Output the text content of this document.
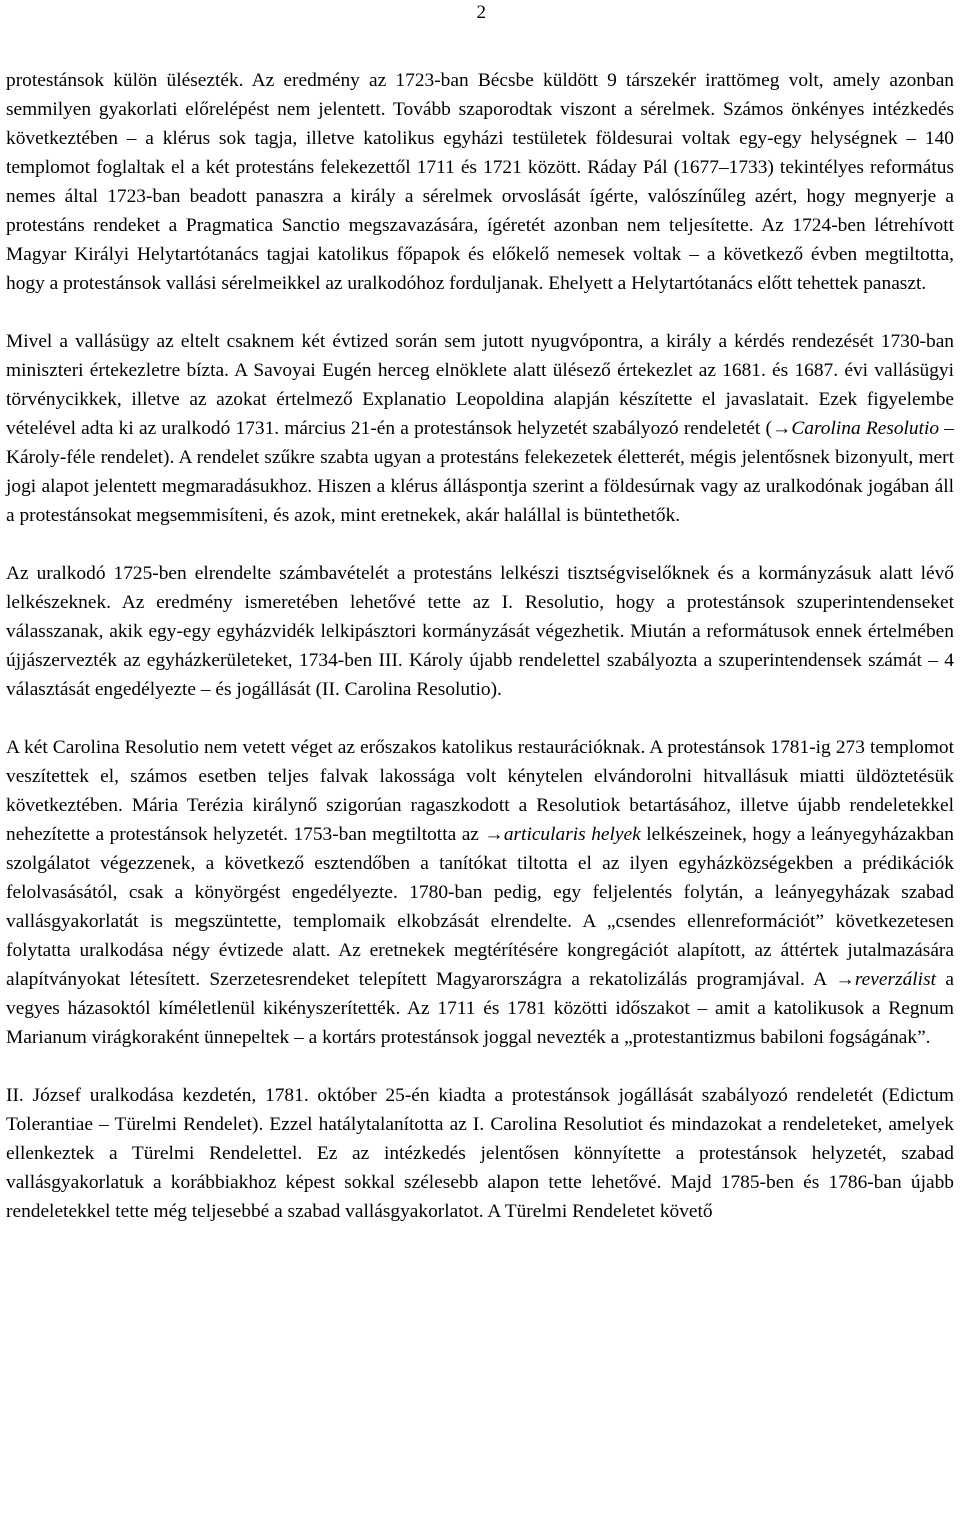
2

protestánsok külön ülésezték. Az eredmény az 1723-ban Bécsbe küldött 9 társzekér irattömeg volt, amely azonban semmilyen gyakorlati előrelépést nem jelentett. Tovább szaporodtak viszont a sérelmek. Számos önkényes intézkedés következtében – a klérus sok tagja, illetve katolikus egyházi testületek földesurai voltak egy-egy helységnek – 140 templomot foglaltak el a két protestáns felekezettől 1711 és 1721 között. Ráday Pál (1677–1733) tekintélyes református nemes által 1723-ban beadott panaszra a király a sérelmek orvoslását ígérte, valószínűleg azért, hogy megnyerje a protestáns rendeket a Pragmatica Sanctio megszavazására, ígéretét azonban nem teljesítette. Az 1724-ben létrehívott Magyar Királyi Helytartótanács tagjai katolikus főpapok és előkelő nemesek voltak – a következő évben megtiltotta, hogy a protestánsok vallási sérelmeikkel az uralkodóhoz forduljanak. Ehelyett a Helytartótanács előtt tehettek panaszt.

Mivel a vallásügy az eltelt csaknem két évtized során sem jutott nyugvópontra, a király a kérdés rendezését 1730-ban miniszteri értekezletre bízta. A Savoyai Eugén herceg elnöklete alatt ülésező értekezlet az 1681. és 1687. évi vallásügyi törvénycikkek, illetve az azokat értelmező Explanatio Leopoldina alapján készítette el javaslatait. Ezek figyelembe vételével adta ki az uralkodó 1731. március 21-én a protestánsok helyzetét szabályozó rendeletét (→Carolina Resolutio – Károly-féle rendelet). A rendelet szűkre szabta ugyan a protestáns felekezetek életterét, mégis jelentősnek bizonyult, mert jogi alapot jelentett megmaradásukhoz. Hiszen a klérus álláspontja szerint a földesúrnak vagy az uralkodónak jogában áll a protestánsokat megsemmisíteni, és azok, mint eretnekek, akár halállal is büntethetők.

Az uralkodó 1725-ben elrendelte számbavételét a protestáns lelkészi tisztségviselőknek és a kormányzásuk alatt lévő lelkészeknek. Az eredmény ismeretében lehetővé tette az I. Resolutio, hogy a protestánsok szuperintendenseket válasszanak, akik egy-egy egyházvidék lelkipásztori kormányzását végezhetik. Miután a reformátusok ennek értelmében újjászervezték az egyházkerületeket, 1734-ben III. Károly újabb rendelettel szabályozta a szuperintendensek számát – 4 választását engedélyezte – és jogállását (II. Carolina Resolutio).

A két Carolina Resolutio nem vetett véget az erőszakos katolikus restaurációknak. A protestánsok 1781-ig 273 templomot veszítettek el, számos esetben teljes falvak lakossága volt kénytelen elvándorolni hitvallásuk miatti üldöztetésük következtében. Mária Terézia királynő szigorúan ragaszkodott a Resolutiok betartásához, illetve újabb rendeletekkel nehezítette a protestánsok helyzetét. 1753-ban megtiltotta az →articularis helyek lelkészeinek, hogy a leányegyházakban szolgálatot végezzenek, a következő esztendőben a tanítókat tiltotta el az ilyen egyházközségekben a prédikációk felolvasásától, csak a könyörgést engedélyezte. 1780-ban pedig, egy feljelentés folytán, a leányegyházak szabad vallásgyakorlatát is megszüntette, templomaik elkobzását elrendelte. A „csendes ellenreformációt” következetesen folytatta uralkodása négy évtizede alatt. Az eretnekek megtérítésére kongregációt alapított, az áttértek jutalmazására alapítványokat létesített. Szerzetesrendeket telepített Magyarországra a rekatolizálás programjával. A →reverzálist a vegyes házasoktól kíméletlenül kikényszerítették. Az 1711 és 1781 közötti időszakot – amit a katolikusok a Regnum Marianum virágkoraként ünnepeltek – a kortárs protestánsok joggal nevezték a „protestantizmus babiloni fogságának”.

II. József uralkodása kezdetén, 1781. október 25-én kiadta a protestánsok jogállását szabályozó rendeletét (Edictum Tolerantiae – Türelmi Rendelet). Ezzel hatálytalanította az I. Carolina Resolutiot és mindazokat a rendeleteket, amelyek ellenkeztek a Türelmi Rendelettel. Ez az intézkedés jelentősen könnyítette a protestánsok helyzetét, szabad vallásgyakorlatuk a korábbiakhoz képest sokkal szélesebb alapon tette lehetővé. Majd 1785-ben és 1786-ban újabb rendeletekkel tette még teljesebbé a szabad vallásgyakorlatot. A Türelmi Rendeletet követő
